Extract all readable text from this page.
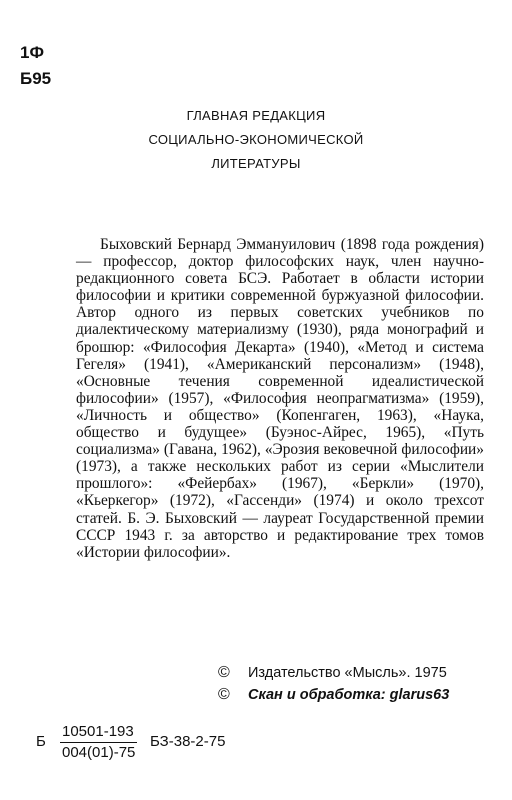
1Ф
Б95
ГЛАВНАЯ РЕДАКЦИЯ
СОЦИАЛЬНО-ЭКОНОМИЧЕСКОЙ
ЛИТЕРАТУРЫ

Быховский Бернард Эммануилович (1898 года рождения) — профессор, доктор философских наук, член научно-редакционного совета БСЭ. Работает в области истории философии и критики современной буржуазной философии. Автор одного из первых советских учебников по диалектическому материализму (1930), ряда монографий и брошюр: «Философия Декарта» (1940), «Метод и система Гегеля» (1941), «Американский персонализм» (1948), «Основные течения современной идеалистической философии» (1957), «Философия неопрагматизма» (1959), «Личность и общество» (Копенгаген, 1963), «Наука, общество и будущее» (Буэнос-Айрес, 1965), «Путь социализма» (Гавана, 1962), «Эрозия вековечной философии» (1973), а также нескольких работ из серии «Мыслители прошлого»: «Фейербах» (1967), «Беркли» (1970), «Кьеркегор» (1972), «Гассенди» (1974) и около трехсот статей. Б. Э. Быховский — лауреат Государственной премии СССР 1943 г. за авторство и редактирование трех томов «Истории философии».

©	Издательство «Мысль». 1975
©	Скан и обработка: glarus63
Б $\frac{10501-193}{004(01)-75} БЗ-38-2-75$
